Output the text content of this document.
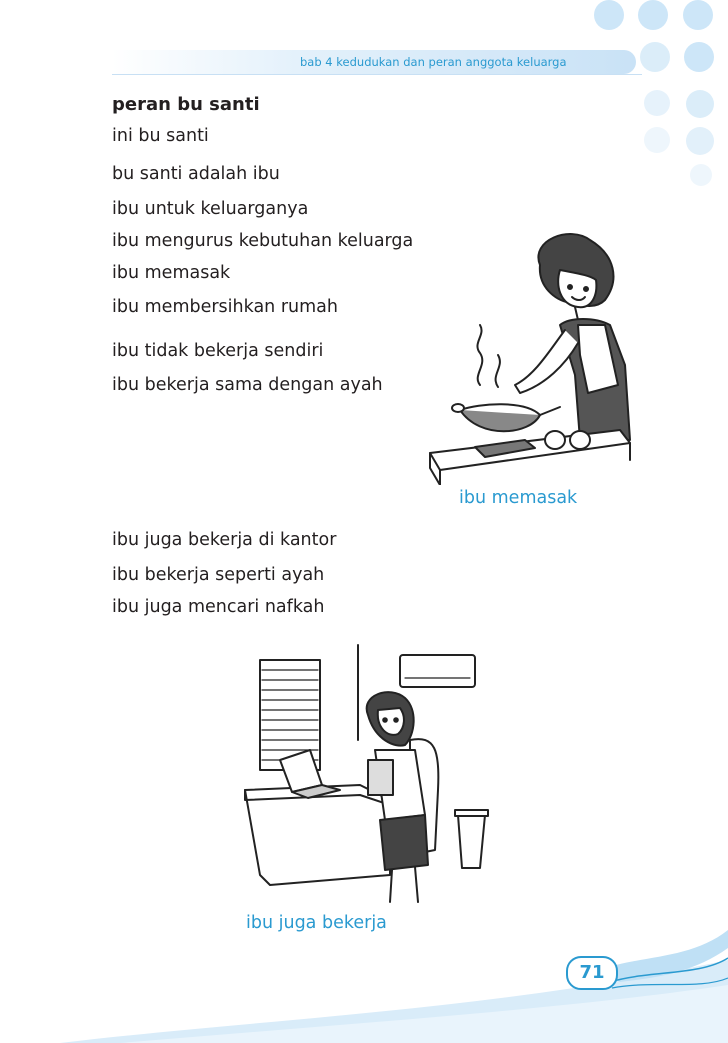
bab 4 kedudukan dan peran anggota keluarga
peran bu santi
ini bu santi
bu santi adalah ibu
ibu untuk keluarganya
ibu mengurus kebutuhan keluarga
ibu memasak
ibu membersihkan rumah
ibu tidak bekerja sendiri
ibu bekerja sama dengan ayah
ibu memasak
ibu juga bekerja di kantor
ibu bekerja seperti ayah
ibu juga mencari nafkah
ibu juga bekerja
71
